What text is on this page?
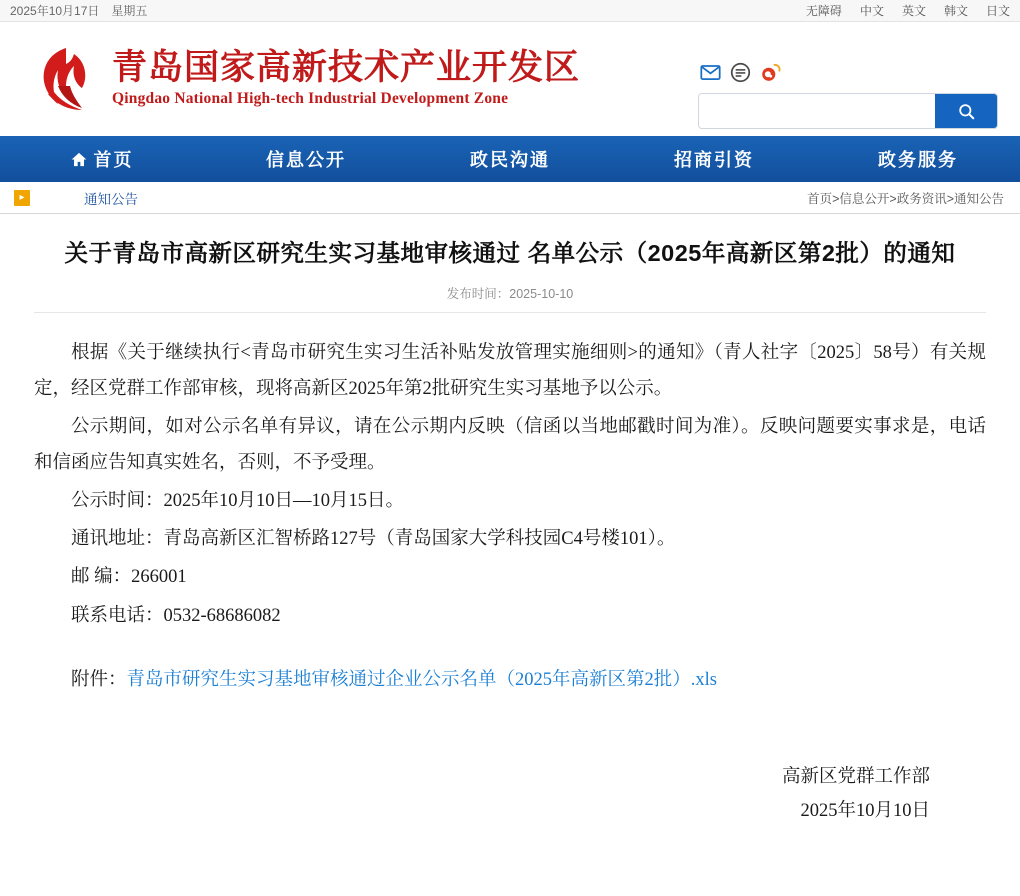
2025年10月17日 星期五	无障碍 中文 英文 韩文 日文
青岛国家高新技术产业开发区
Qingdao National High-tech Industrial Development Zone
首页	信息公开	政民沟通	招商引资	政务服务
▸	通知公告	首页>信息公开>政务资讯>通知公告
关于青岛市高新区研究生实习基地审核通过 名单公示（2025年高新区第2批）的通知
发布时间：2025-10-10

根据《关于继续执行<青岛市研究生实习生活补贴发放管理实施细则>的通知》（青人社字〔2025〕58号）有关规定，经区党群工作部审核，现将高新区2025年第2批研究生实习基地予以公示。

公示期间，如对公示名单有异议，请在公示期内反映（信函以当地邮戳时间为准）。反映问题要实事求是，电话和信函应告知真实姓名，否则，不予受理。

公示时间：2025年10月10日—10月15日。

通讯地址：青岛高新区汇智桥路127号（青岛国家大学科技园C4号楼101）。

邮 编：266001

联系电话：0532-68686082

附件：青岛市研究生实习基地审核通过企业公示名单（2025年高新区第2批）.xls
高新区党群工作部
2025年10月10日
